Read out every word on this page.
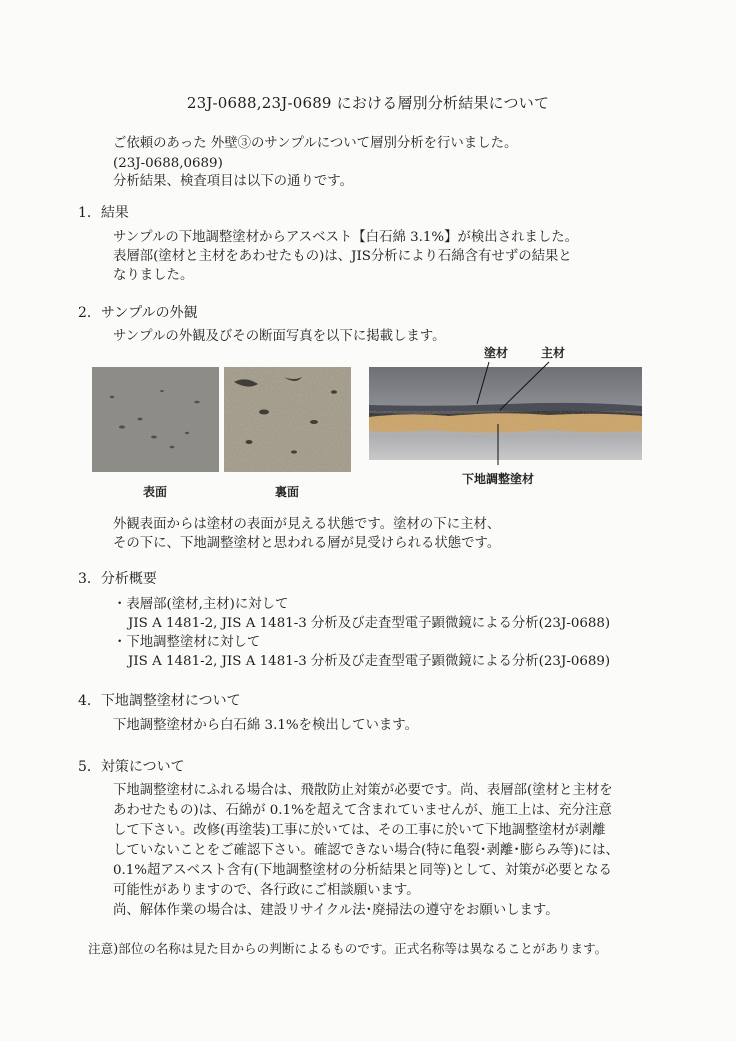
23J-0688,23J-0689 における層別分析結果について
ご依頼のあった 外壁③のサンプルについて層別分析を行いました。
(23J-0688,0689)
分析結果、検査項目は以下の通りです。
1．結果
サンプルの下地調整塗材からアスベスト【白石綿 3.1%】が検出されました。
表層部(塗材と主材をあわせたもの)は、JIS分析により石綿含有せずの結果と
なりました。
2．サンプルの外観
サンプルの外観及びその断面写真を以下に掲載します。
塗材	主材
下地調整塗材
表面	裏面
外観表面からは塗材の表面が見える状態です。塗材の下に主材、
その下に、下地調整塗材と思われる層が見受けられる状態です。
3．分析概要
・表層部(塗材,主材)に対して
JIS A 1481-2, JIS A 1481-3 分析及び走査型電子顕微鏡による分析(23J-0688)
・下地調整塗材に対して
JIS A 1481-2, JIS A 1481-3 分析及び走査型電子顕微鏡による分析(23J-0689)
4．下地調整塗材について
下地調整塗材から白石綿 3.1%を検出しています。
5．対策について
下地調整塗材にふれる場合は、飛散防止対策が必要です。尚、表層部(塗材と主材を
あわせたもの)は、石綿が 0.1%を超えて含まれていませんが、施工上は、充分注意
して下さい。改修(再塗装)工事に於いては、その工事に於いて下地調整塗材が剥離
していないことをご確認下さい。確認できない場合(特に亀裂･剥離･膨らみ等)には、
0.1%超アスベスト含有(下地調整塗材の分析結果と同等)として、対策が必要となる
可能性がありますので、各行政にご相談願います。
尚、解体作業の場合は、建設リサイクル法･廃掃法の遵守をお願いします。
注意)部位の名称は見た目からの判断によるものです。正式名称等は異なることがあります。
